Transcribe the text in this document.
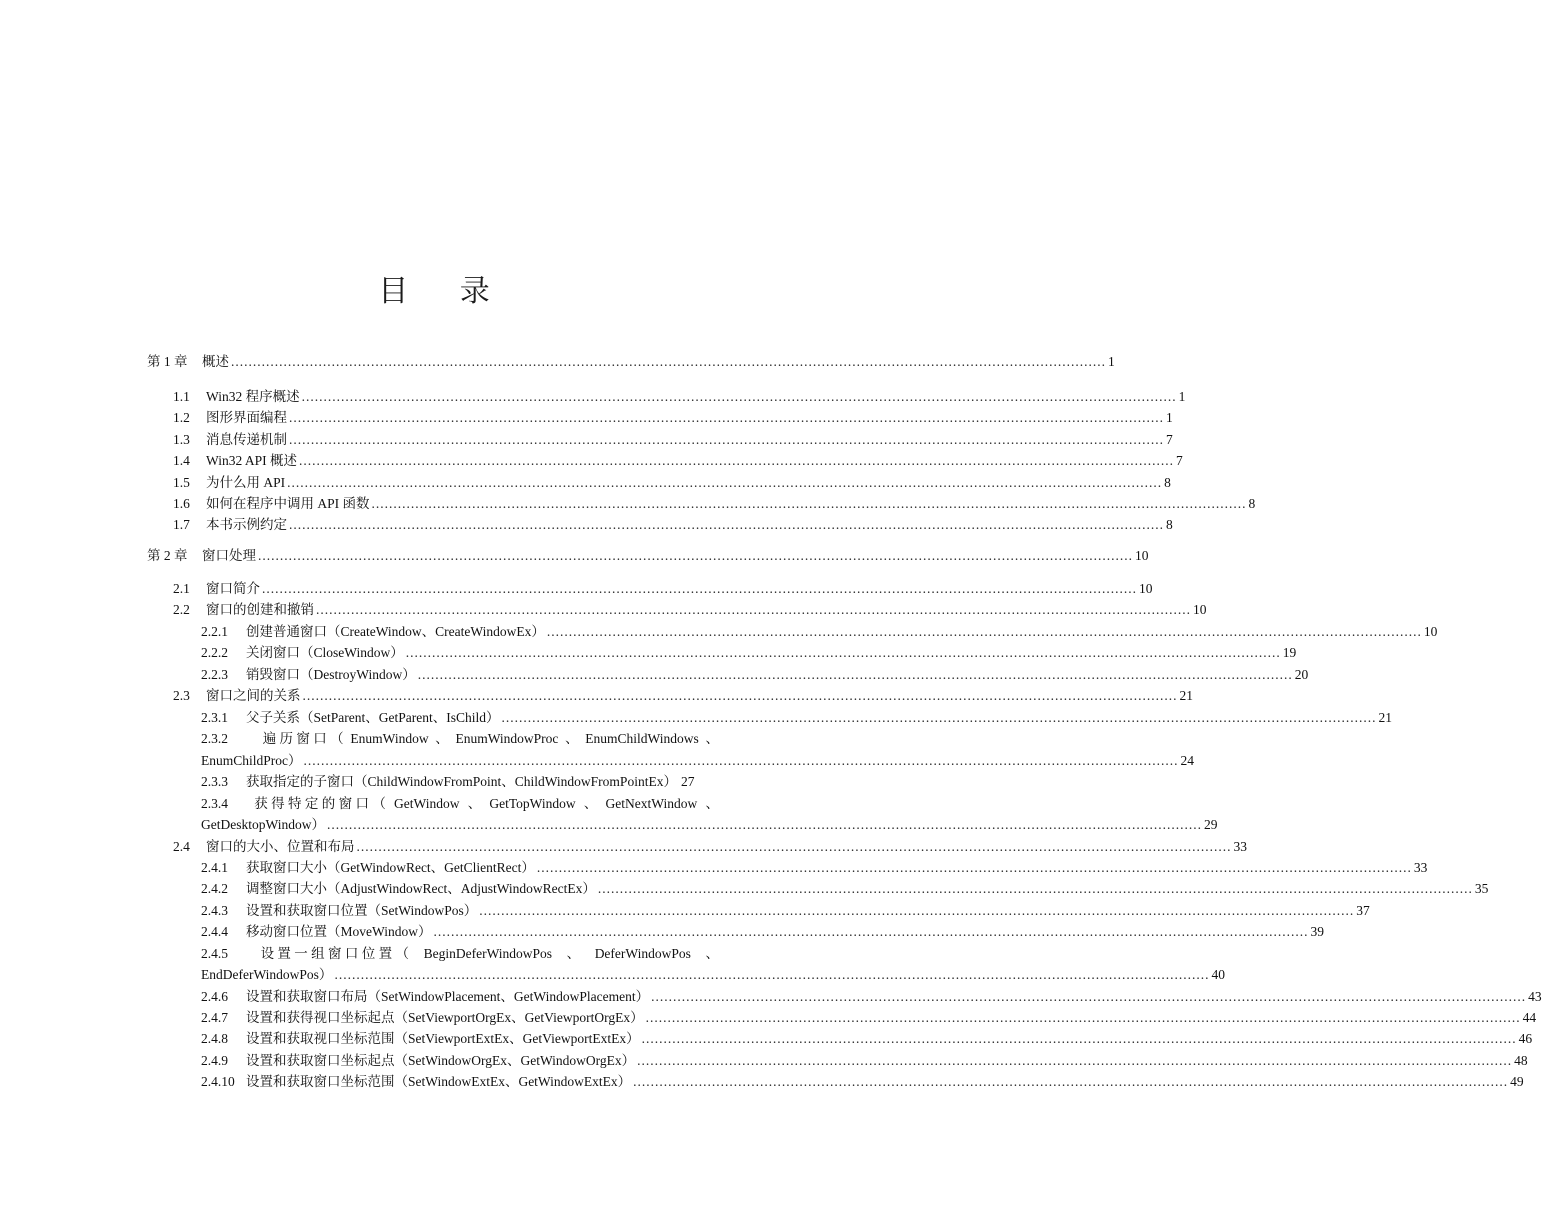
目 录
第 1 章	概述 ........................................................................................................................................................................................................ 1
1.1	Win32 程序概述 ........................................................................................................................................................................................................ 1
1.2	图形界面编程 ........................................................................................................................................................................................................ 1
1.3	消息传递机制 ........................................................................................................................................................................................................ 7
1.4	Win32 API 概述 ........................................................................................................................................................................................................ 7
1.5	为什么用 API ........................................................................................................................................................................................................ 8
1.6	如何在程序中调用 API 函数 ........................................................................................................................................................................................................ 8
1.7	本书示例约定 ........................................................................................................................................................................................................ 8
第 2 章	窗口处理 ........................................................................................................................................................................................................ 10
2.1	窗口简介 ........................................................................................................................................................................................................ 10
2.2	窗口的创建和撤销 ........................................................................................................................................................................................................ 10
2.2.1	创建普通窗口（CreateWindow、CreateWindowEx） ........................................................................................................................................................................................................ 10
2.2.2	关闭窗口（CloseWindow） ........................................................................................................................................................................................................ 19
2.2.3	销毁窗口（DestroyWindow） ........................................................................................................................................................................................................ 20
2.3	窗口之间的关系 ........................................................................................................................................................................................................ 21
2.3.1	父子关系（SetParent、GetParent、IsChild） ........................................................................................................................................................................................................ 21
2.3.2	遍 历 窗 口 （ EnumWindow 、 EnumWindowProc 、 EnumChildWindows 、
EnumChildProc） ........................................................................................................................................................................................................ 24
2.3.3	获取指定的子窗口（ChildWindowFromPoint、ChildWindowFromPointEx） 27
2.3.4	获 得 特 定 的 窗 口 （ GetWindow 、 GetTopWindow 、 GetNextWindow 、
GetDesktopWindow） ........................................................................................................................................................................................................ 29
2.4	窗口的大小、位置和布局 ........................................................................................................................................................................................................ 33
2.4.1	获取窗口大小（GetWindowRect、GetClientRect） ........................................................................................................................................................................................................ 33
2.4.2	调整窗口大小（AdjustWindowRect、AdjustWindowRectEx） ........................................................................................................................................................................................................ 35
2.4.3	设置和获取窗口位置（SetWindowPos） ........................................................................................................................................................................................................ 37
2.4.4	移动窗口位置（MoveWindow） ........................................................................................................................................................................................................ 39
2.4.5	设 置 一 组 窗 口 位 置 （ BeginDeferWindowPos 、 DeferWindowPos 、
EndDeferWindowPos） ........................................................................................................................................................................................................ 40
2.4.6	设置和获取窗口布局（SetWindowPlacement、GetWindowPlacement） ........................................................................................................................................................................................................ 43
2.4.7	设置和获得视口坐标起点（SetViewportOrgEx、GetViewportOrgEx） ........................................................................................................................................................................................................ 44
2.4.8	设置和获取视口坐标范围（SetViewportExtEx、GetViewportExtEx） ........................................................................................................................................................................................................ 46
2.4.9	设置和获取窗口坐标起点（SetWindowOrgEx、GetWindowOrgEx） ........................................................................................................................................................................................................ 48
2.4.10 设置和获取窗口坐标范围（SetWindowExtEx、GetWindowExtEx） ........................................................................................................................................................................................................ 49
